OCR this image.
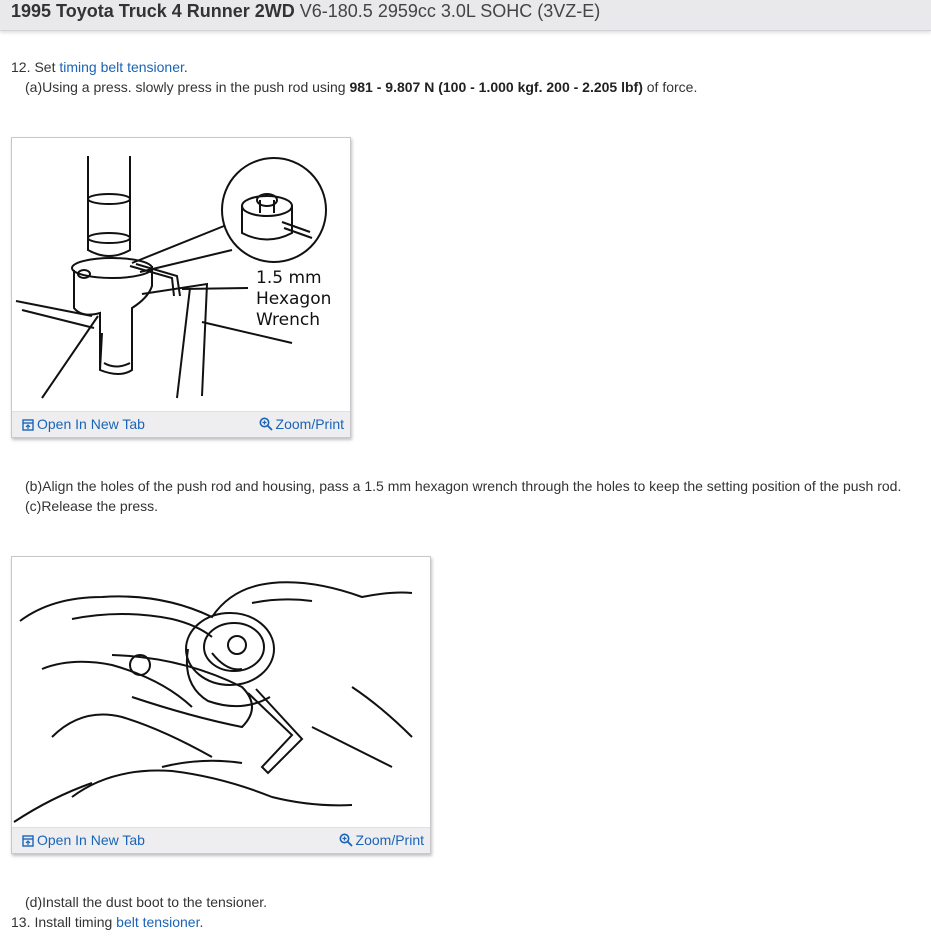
1995 Toyota Truck 4 Runner 2WD V6-180.5 2959cc 3.0L SOHC (3VZ-E)
12. Set timing belt tensioner.
(a)Using a press. slowly press in the push rod using 981 - 9.807 N (100 - 1.000 kgf. 200 - 2.205 lbf) of force.
1.5 mm
Hexagon
Wrench
Open In New Tab	Zoom/Print
(b)Align the holes of the push rod and housing, pass a 1.5 mm hexagon wrench through the holes to keep the setting position of the push rod.
(c)Release the press.
Open In New Tab	Zoom/Print
(d)Install the dust boot to the tensioner.
13. Install timing belt tensioner.
